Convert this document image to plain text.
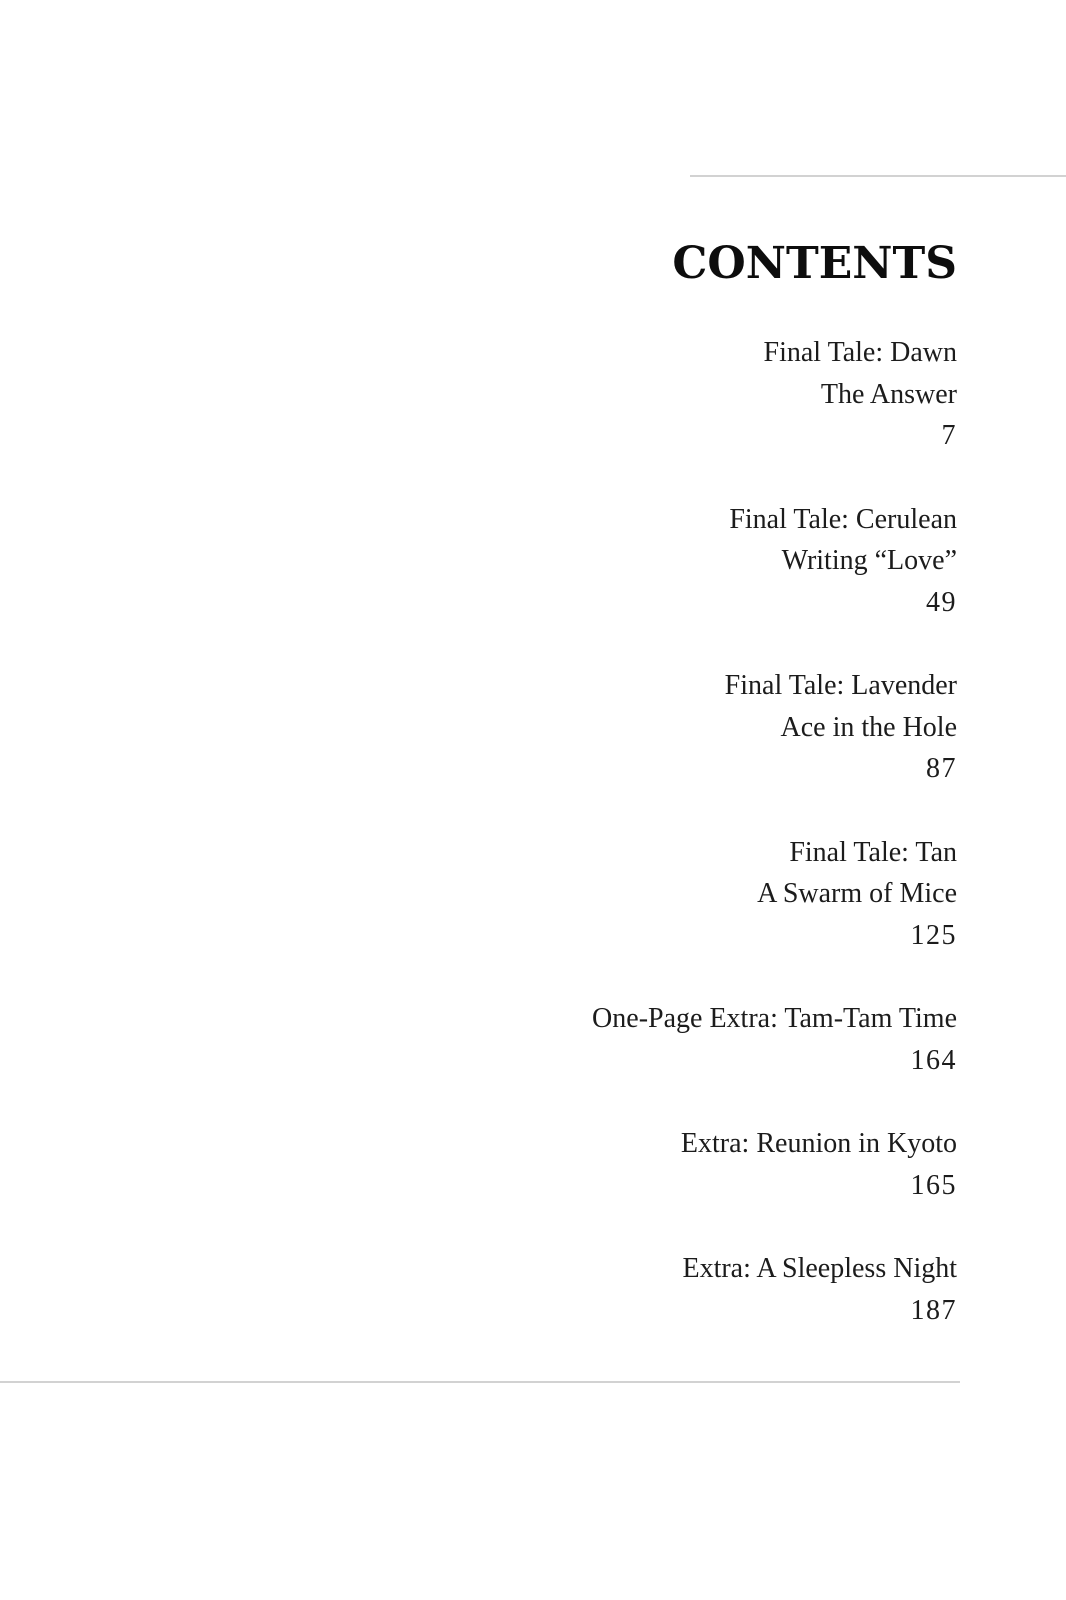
CONTENTS
Final Tale: Dawn
The Answer
7
Final Tale: Cerulean
Writing “Love”
49
Final Tale: Lavender
Ace in the Hole
87
Final Tale: Tan
A Swarm of Mice
125
One-Page Extra: Tam-Tam Time
164
Extra: Reunion in Kyoto
165
Extra: A Sleepless Night
187
